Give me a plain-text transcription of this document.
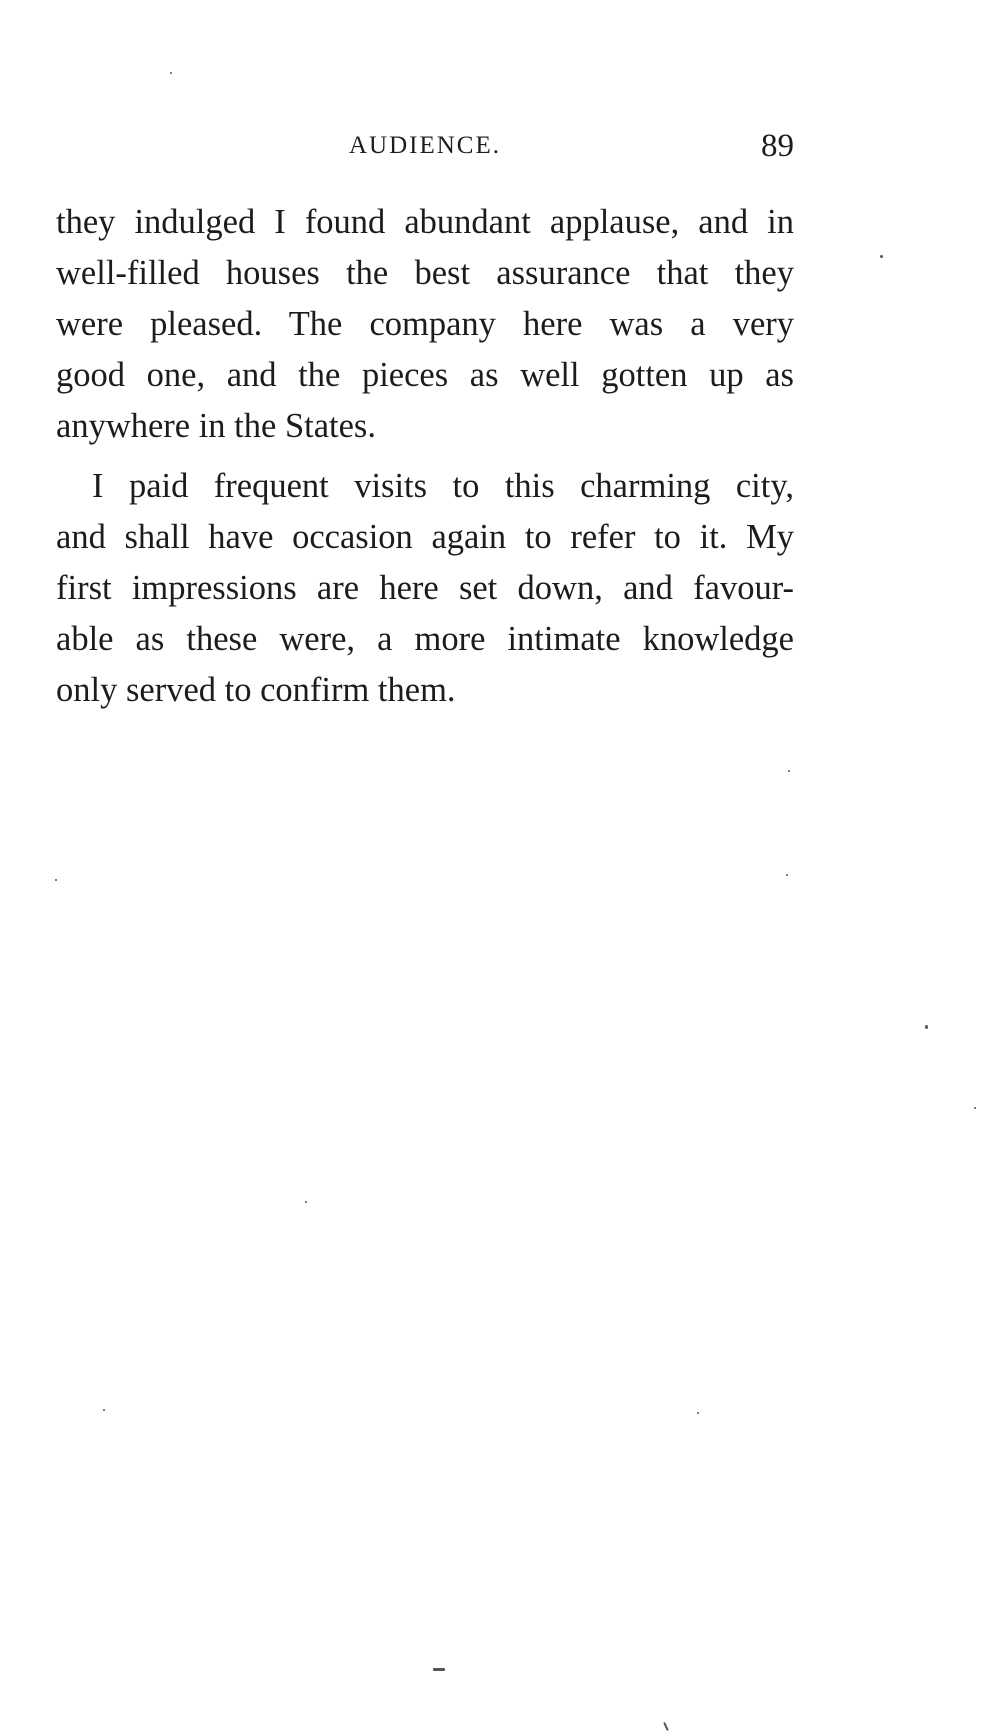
AUDIENCE.	89
they indulged I found abundant applause, and in
well-filled houses the best assurance that they
were pleased. The company here was a very
good one, and the pieces as well gotten up as
anywhere in the States.
I paid frequent visits to this charming city,
and shall have occasion again to refer to it. My
first impressions are here set down, and favour-
able as these were, a more intimate knowledge
only served to confirm them.
